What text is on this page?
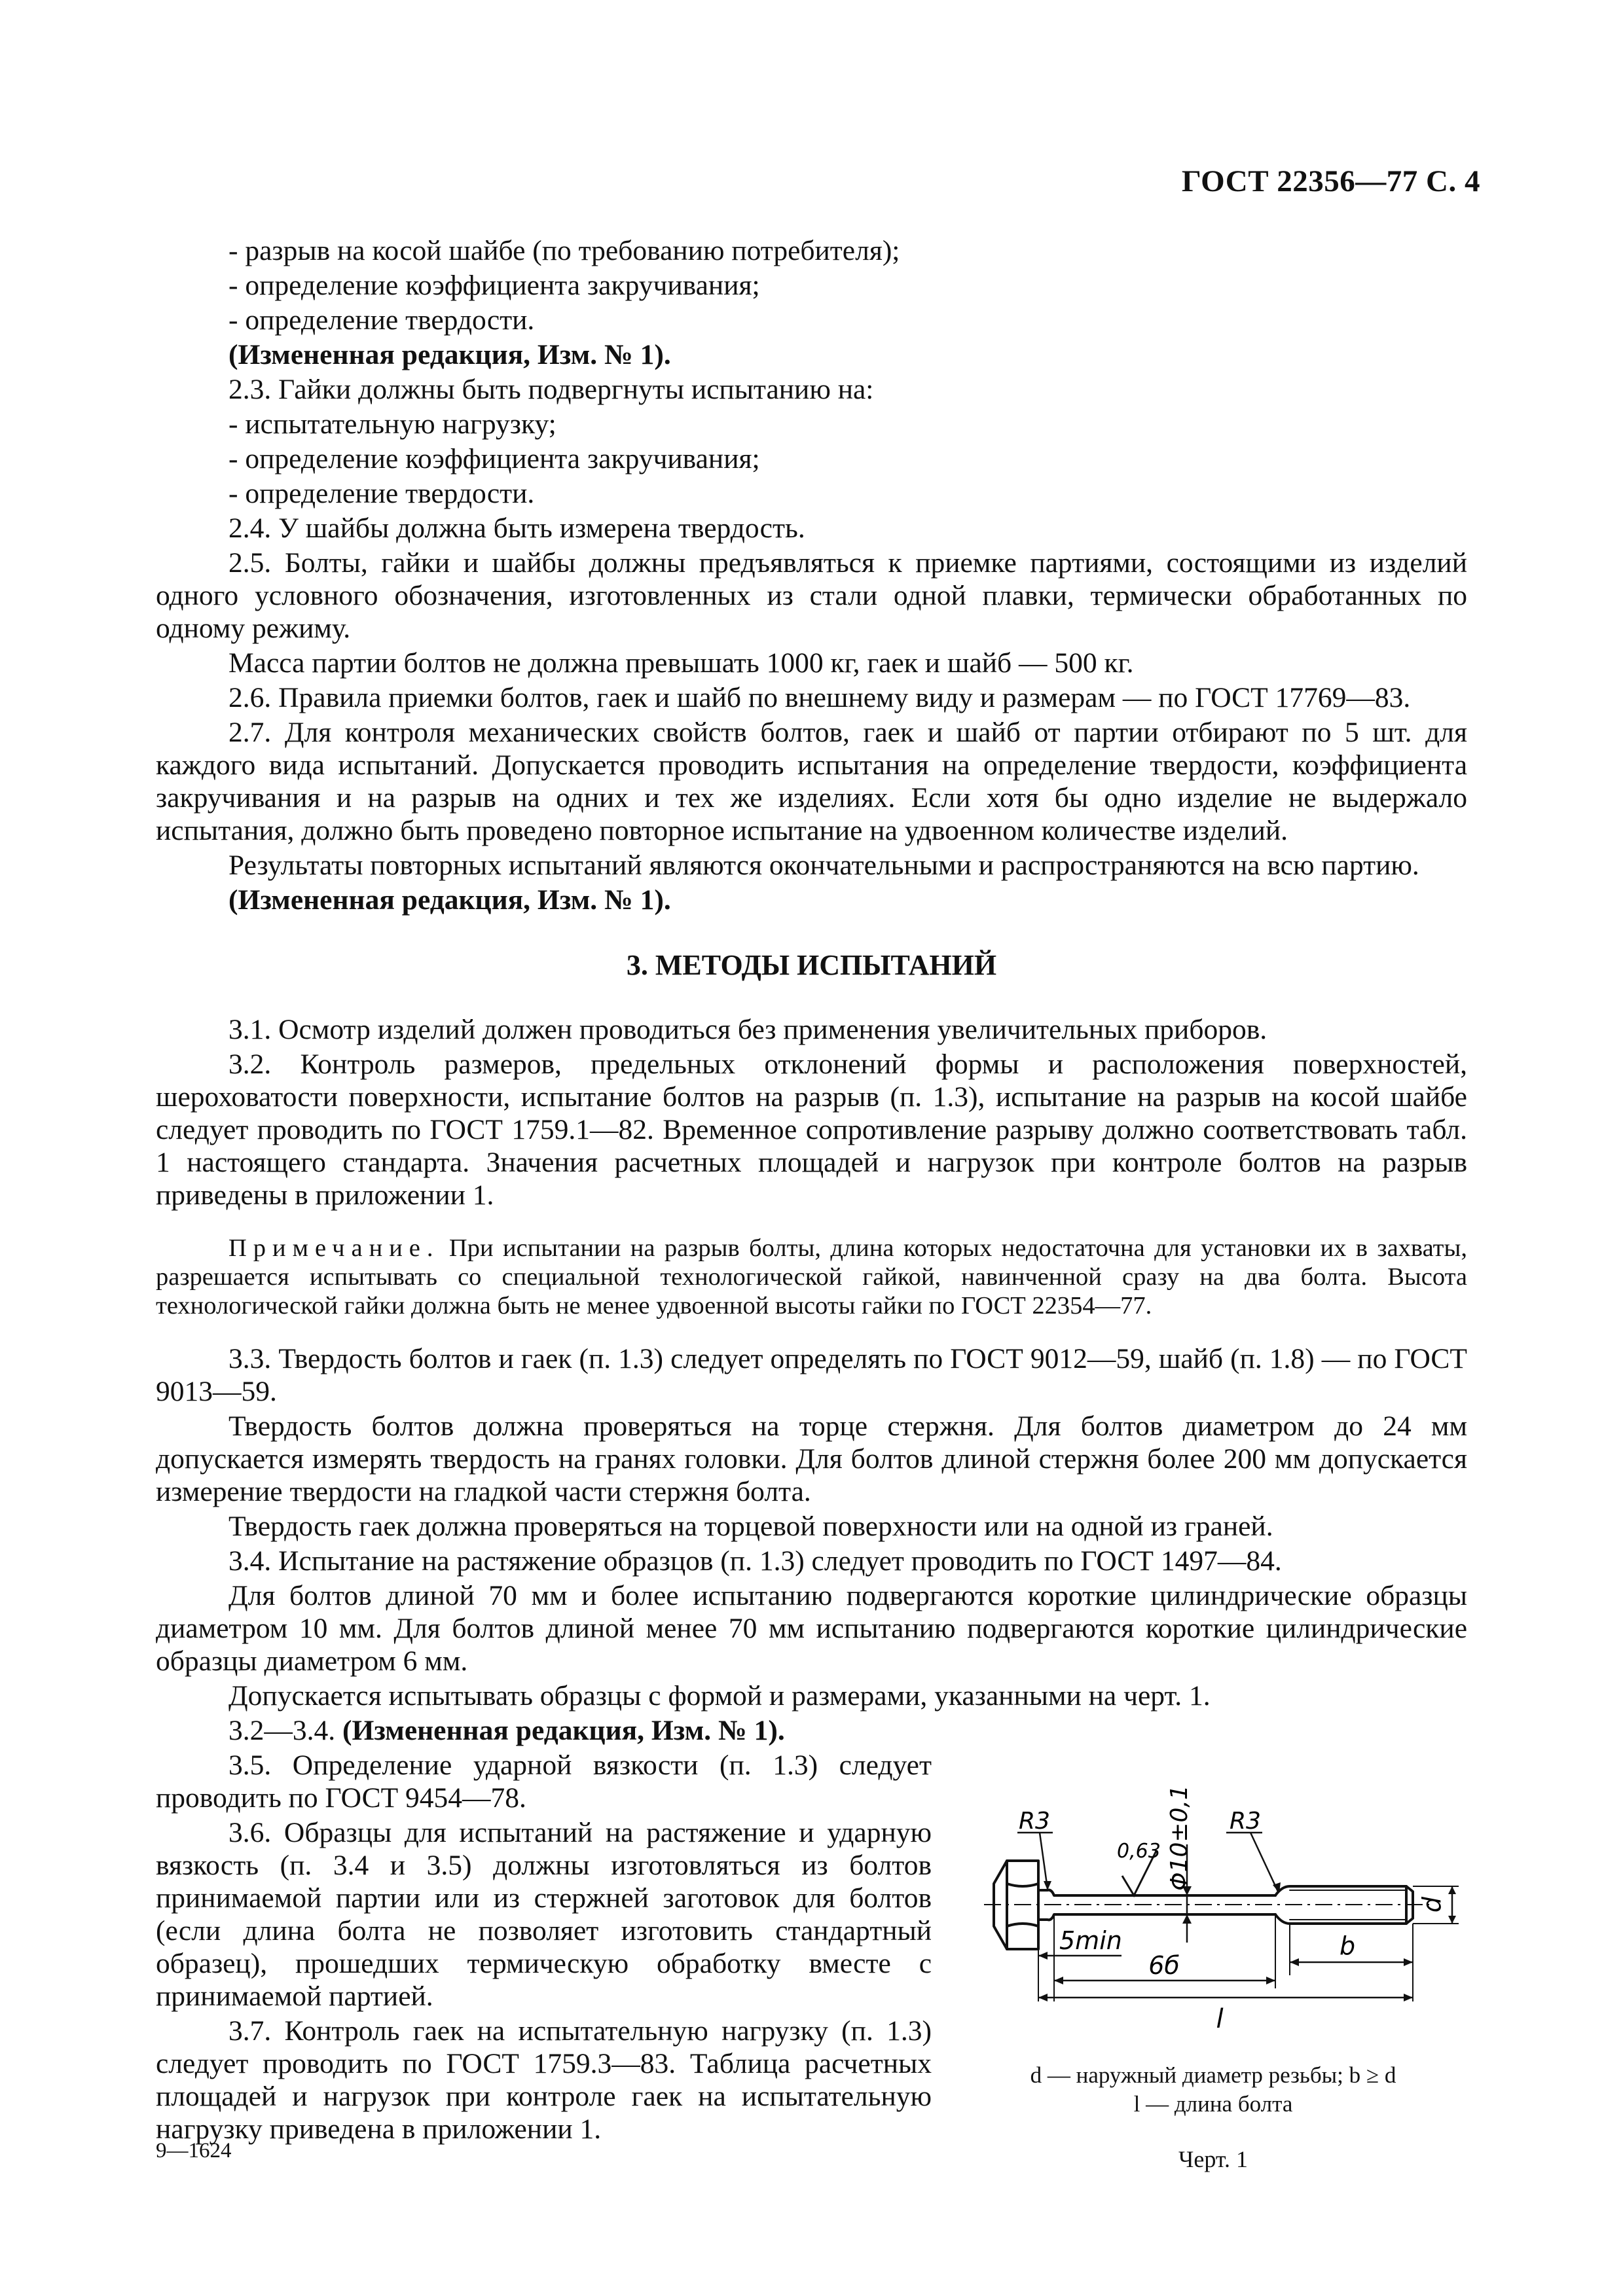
ГОСТ 22356—77 С. 4
- разрыв на косой шайбе (по требованию потребителя);
- определение коэффициента закручивания;
- определение твердости.
(Измененная редакция, Изм. № 1).
2.3. Гайки должны быть подвергнуты испытанию на:
- испытательную нагрузку;
- определение коэффициента закручивания;
- определение твердости.
2.4. У шайбы должна быть измерена твердость.
2.5. Болты, гайки и шайбы должны предъявляться к приемке партиями, состоящими из изделий одного условного обозначения, изготовленных из стали одной плавки, термически обработанных по одному режиму.
Масса партии болтов не должна превышать 1000 кг, гаек и шайб — 500 кг.
2.6. Правила приемки болтов, гаек и шайб по внешнему виду и размерам — по ГОСТ 17769—83.
2.7. Для контроля механических свойств болтов, гаек и шайб от партии отбирают по 5 шт. для каждого вида испытаний. Допускается проводить испытания на определение твердости, коэффициента закручивания и на разрыв на одних и тех же изделиях. Если хотя бы одно изделие не выдержало испытания, должно быть проведено повторное испытание на удвоенном количестве изделий.
Результаты повторных испытаний являются окончательными и распространяются на всю партию.
(Измененная редакция, Изм. № 1).
3. МЕТОДЫ ИСПЫТАНИЙ
3.1. Осмотр изделий должен проводиться без применения увеличительных приборов.
3.2. Контроль размеров, предельных отклонений формы и расположения поверхностей, шероховатости поверхности, испытание болтов на разрыв (п. 1.3), испытание на разрыв на косой шайбе следует проводить по ГОСТ 1759.1—82. Временное сопротивление разрыву должно соответствовать табл. 1 настоящего стандарта. Значения расчетных площадей и нагрузок при контроле болтов на разрыв приведены в приложении 1.
Примечание. При испытании на разрыв болты, длина которых недостаточна для установки их в захваты, разрешается испытывать со специальной технологической гайкой, навинченной сразу на два болта. Высота технологической гайки должна быть не менее удвоенной высоты гайки по ГОСТ 22354—77.
3.3. Твердость болтов и гаек (п. 1.3) следует определять по ГОСТ 9012—59, шайб (п. 1.8) — по ГОСТ 9013—59.
Твердость болтов должна проверяться на торце стержня. Для болтов диаметром до 24 мм допускается измерять твердость на гранях головки. Для болтов длиной стержня более 200 мм допускается измерение твердости на гладкой части стержня болта.
Твердость гаек должна проверяться на торцевой поверхности или на одной из граней.
3.4. Испытание на растяжение образцов (п. 1.3) следует проводить по ГОСТ 1497—84.
Для болтов длиной 70 мм и более испытанию подвергаются короткие цилиндрические образцы диаметром 10 мм. Для болтов длиной менее 70 мм испытанию подвергаются короткие цилиндрические образцы диаметром 6 мм.
Допускается испытывать образцы с формой и размерами, указанными на черт. 1.
3.2—3.4. (Измененная редакция, Изм. № 1).
3.5. Определение ударной вязкости (п. 1.3) следует проводить по ГОСТ 9454—78.
3.6. Образцы для испытаний на растяжение и ударную вязкость (п. 3.4 и 3.5) должны изготовляться из болтов принимаемой партии или из стержней заготовок для болтов (если длина болта не позволяет изготовить стандартный образец), прошедших термическую обработку вместе с принимаемой партией.
3.7. Контроль гаек на испытательную нагрузку (п. 1.3) следует проводить по ГОСТ 1759.3—83. Таблица расчетных площадей и нагрузок при контроле гаек на испытательную нагрузку приведена в приложении 1.
Φ10±0,1
0,63
R3	R3
d
5min	b
6б
l
d — наружный диаметр резьбы; b ≥ d
l — длина болта
Черт. 1
9—1624
